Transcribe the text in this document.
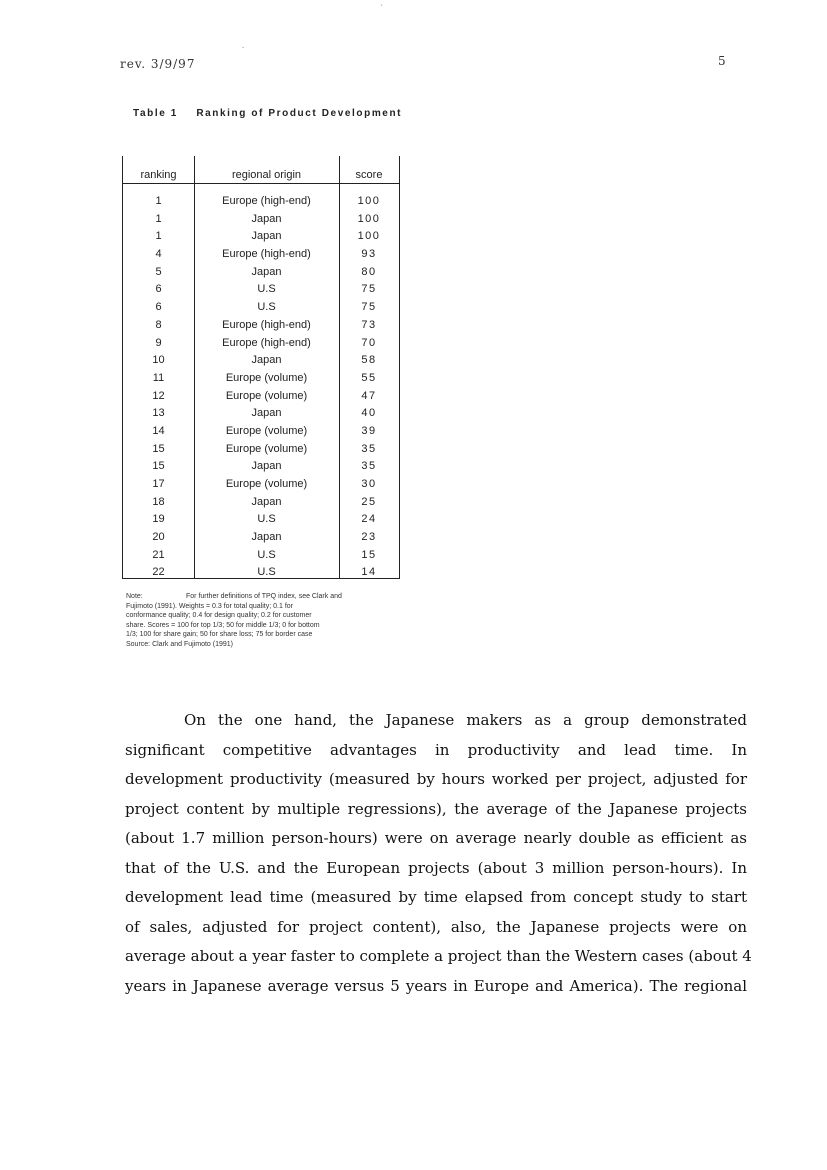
`
-
rev. 3/9/97	5
Table 1 Ranking of Product Development
ranking	regional origin	score
1	Europe (high-end)	100
1	Japan	100
1	Japan	100
4	Europe (high-end)	93
5	Japan	80
6	U.S	75
6	U.S	75
8	Europe (high-end)	73
9	Europe (high-end)	70
10	Japan	58
11	Europe (volume)	55
12	Europe (volume)	47
13	Japan	40
14	Europe (volume)	39
15	Europe (volume)	35
15	Japan	35
17	Europe (volume)	30
18	Japan	25
19	U.S	24
20	Japan	23
21	U.S	15
22	U.S	14
Note:	For further definitions of TPQ index, see Clark and
Fujimoto (1991). Weights = 0.3 for total quality; 0.1 for
conformance quality; 0.4 for design quality; 0.2 for customer
share. Scores = 100 for top 1/3; 50 for middle 1/3; 0 for bottom
1/3; 100 for share gain; 50 for share loss; 75 for border case
Source: Clark and Fujimoto (1991)
On the one hand, the Japanese makers as a group demonstrated
significant competitive advantages in productivity and lead time. In
development productivity (measured by hours worked per project, adjusted for
project content by multiple regressions), the average of the Japanese projects
(about 1.7 million person-hours) were on average nearly double as efficient as
that of the U.S. and the European projects (about 3 million person-hours). In
development lead time (measured by time elapsed from concept study to start
of sales, adjusted for project content), also, the Japanese projects were on
average about a year faster to complete a project than the Western cases (about 4
years in Japanese average versus 5 years in Europe and America). The regional
